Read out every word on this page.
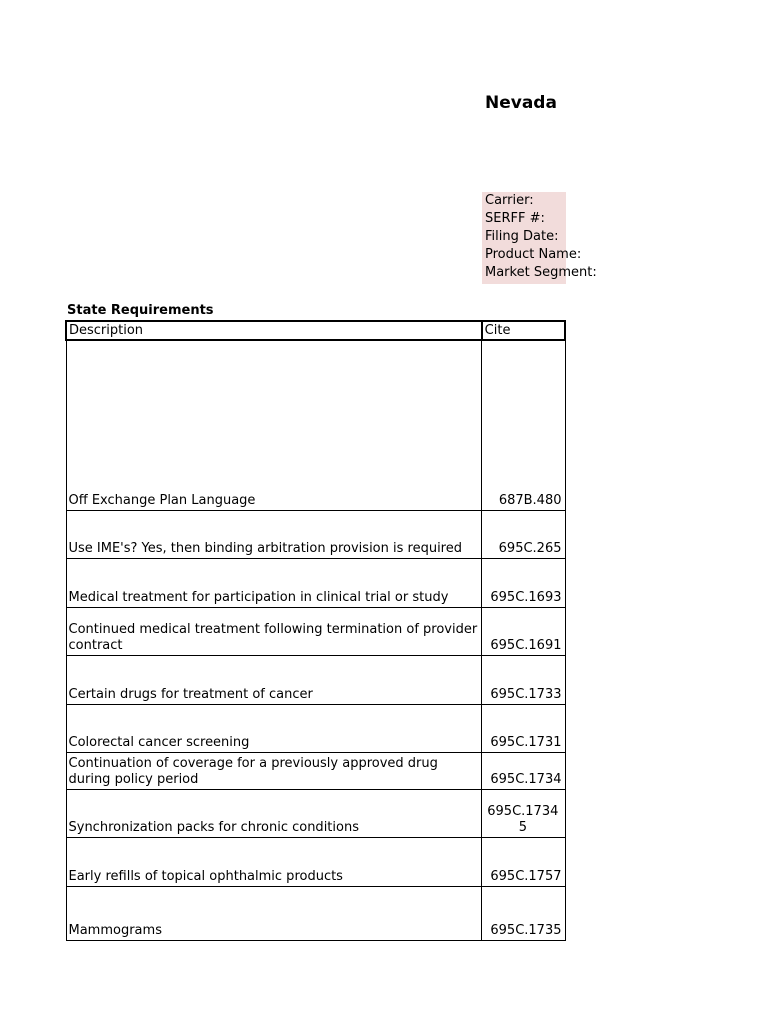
Nevada
Carrier:
SERFF #:
Filing Date:
Product Name:
Market Segment:
State Requirements
Description	Cite
Off Exchange Plan Language	687B.480
Use IME's? Yes, then binding arbitration provision is required	695C.265
Medical treatment for participation in clinical trial or study	695C.1693
Continued medical treatment following termination of provider contract	695C.1691
Certain drugs for treatment of cancer	695C.1733
Colorectal cancer screening	695C.1731
Continuation of coverage for a previously approved drug during policy period	695C.1734
Synchronization packs for chronic conditions	695C.17345
Early refills of topical ophthalmic products	695C.1757
Mammograms	695C.1735
